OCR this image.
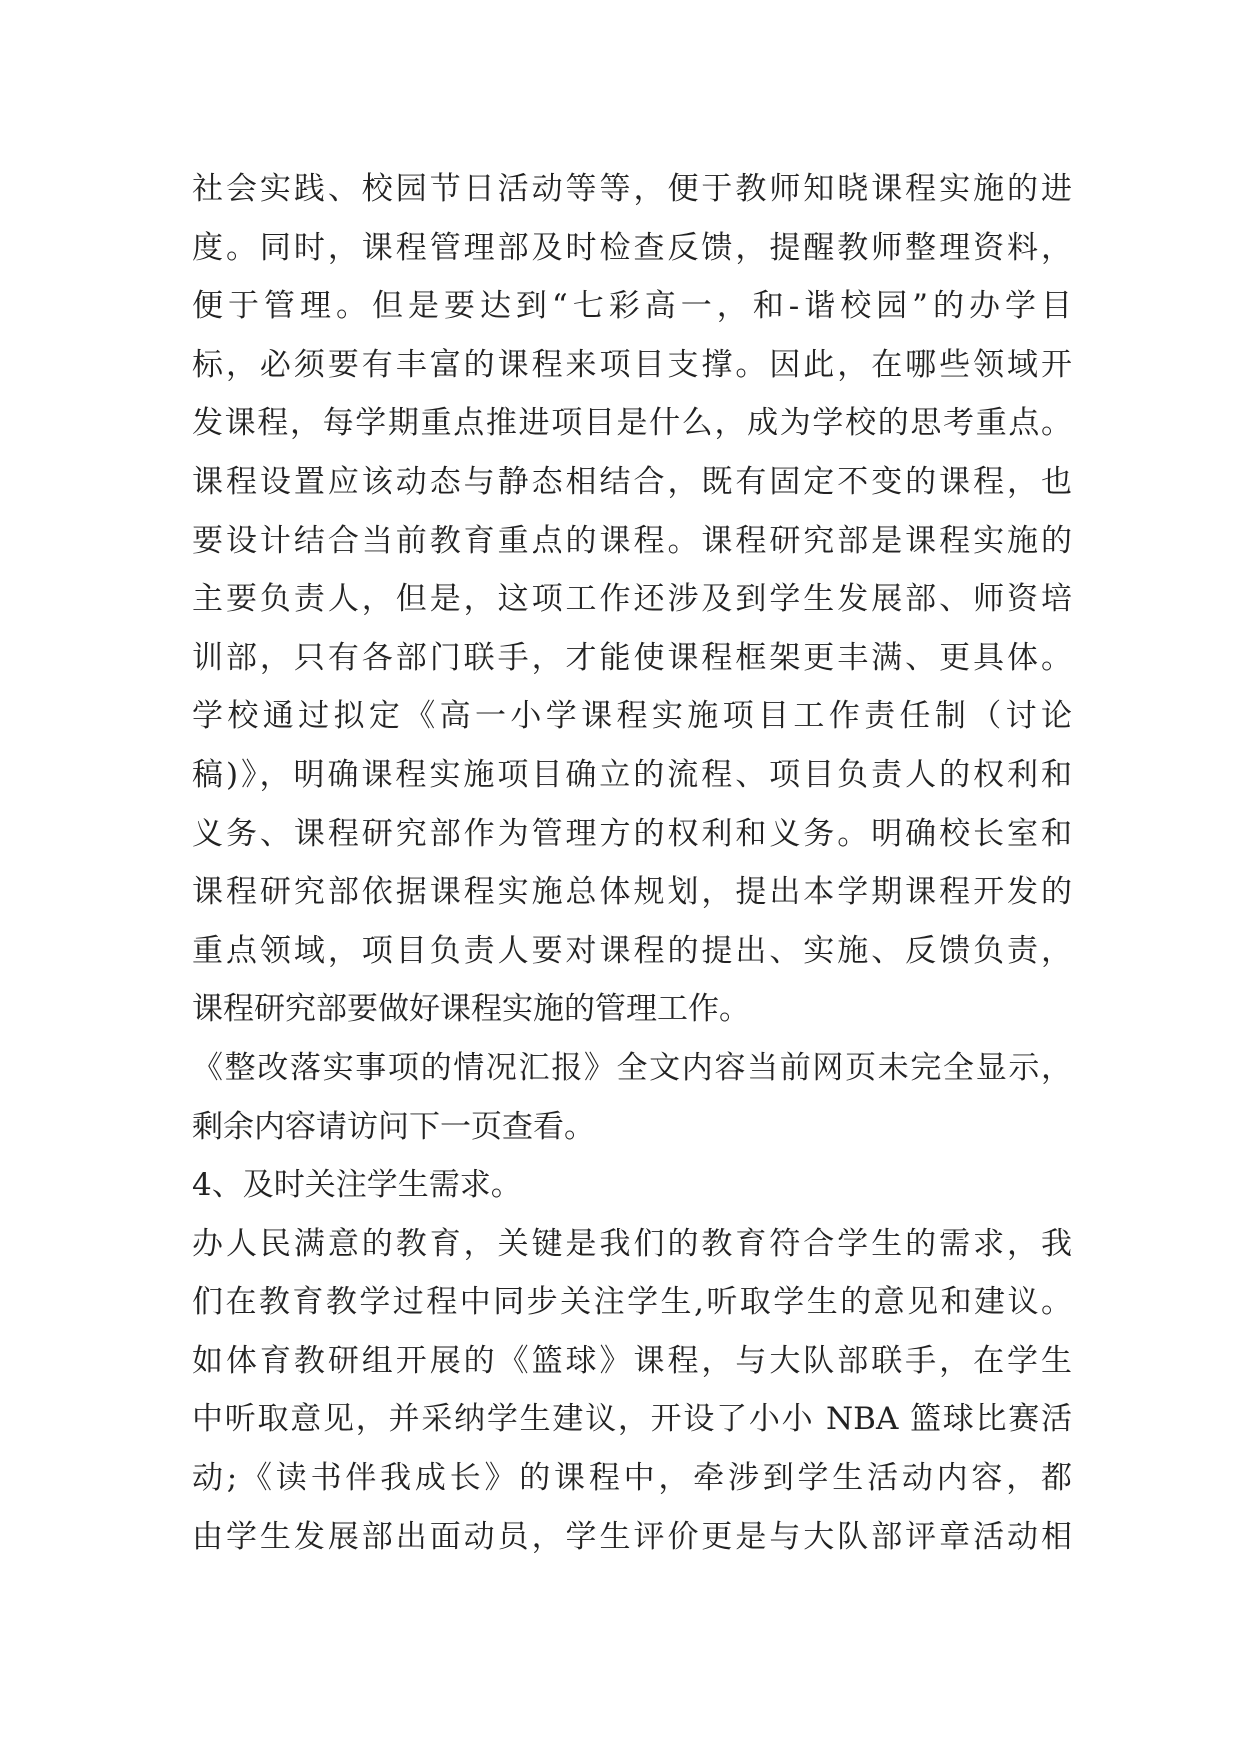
社会实践、校园节日活动等等，便于教师知晓课程实施的进
度。同时，课程管理部及时检查反馈，提醒教师整理资料，
便于管理。但是要达到“七彩高一，和-谐校园”的办学目
标，必须要有丰富的课程来项目支撑。因此，在哪些领域开
发课程，每学期重点推进项目是什么，成为学校的思考重点。
课程设置应该动态与静态相结合，既有固定不变的课程，也
要设计结合当前教育重点的课程。课程研究部是课程实施的
主要负责人，但是，这项工作还涉及到学生发展部、师资培
训部，只有各部门联手，才能使课程框架更丰满、更具体。
学校通过拟定《高一小学课程实施项目工作责任制（讨论
稿)》，明确课程实施项目确立的流程、项目负责人的权利和
义务、课程研究部作为管理方的权利和义务。明确校长室和
课程研究部依据课程实施总体规划，提出本学期课程开发的
重点领域，项目负责人要对课程的提出、实施、反馈负责，
课程研究部要做好课程实施的管理工作。
《整改落实事项的情况汇报》全文内容当前网页未完全显示，
剩余内容请访问下一页查看。
4、及时关注学生需求。
办人民满意的教育，关键是我们的教育符合学生的需求，我
们在教育教学过程中同步关注学生,听取学生的意见和建议。
如体育教研组开展的《篮球》课程，与大队部联手，在学生
中听取意见，并采纳学生建议，开设了小小 NBA 篮球比赛活
动;《读书伴我成长》的课程中，牵涉到学生活动内容，都
由学生发展部出面动员，学生评价更是与大队部评章活动相
